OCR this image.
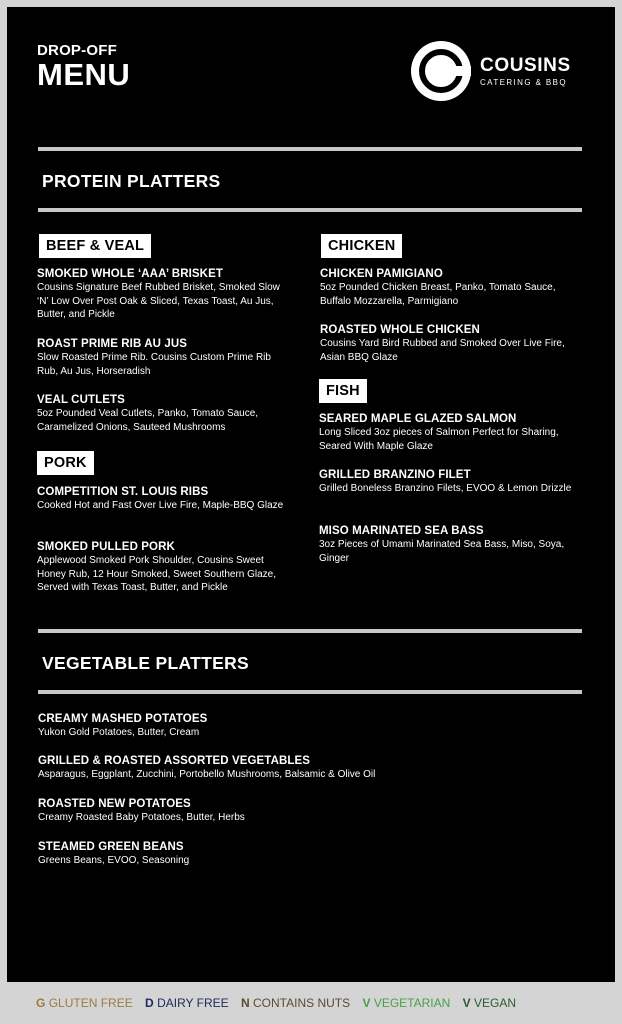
DROP-OFF
MENU	COUSINS
CATERING & BBQ
PROTEIN PLATTERS
BEEF & VEAL
SMOKED WHOLE ‘AAA’ BRISKET
Cousins Signature Beef Rubbed Brisket, Smoked Slow ‘N’ Low Over Post Oak & Sliced, Texas Toast, Au Jus, Butter, and Pickle
ROAST PRIME RIB AU JUS
Slow Roasted Prime Rib. Cousins Custom Prime Rib Rub, Au Jus, Horseradish
VEAL CUTLETS
5oz Pounded Veal Cutlets, Panko, Tomato Sauce, Caramelized Onions, Sauteed Mushrooms
PORK
COMPETITION ST. LOUIS RIBS
Cooked Hot and Fast Over Live Fire, Maple-BBQ Glaze
SMOKED PULLED PORK
Applewood Smoked Pork Shoulder, Cousins Sweet Honey Rub, 12 Hour Smoked, Sweet Southern Glaze, Served with Texas Toast, Butter, and Pickle
CHICKEN
CHICKEN PAMIGIANO
5oz Pounded Chicken Breast, Panko, Tomato Sauce, Buffalo Mozzarella, Parmigiano
ROASTED WHOLE CHICKEN
Cousins Yard Bird Rubbed and Smoked Over Live Fire, Asian BBQ Glaze
FISH
SEARED MAPLE GLAZED SALMON
Long Sliced 3oz pieces of Salmon Perfect for Sharing, Seared With Maple Glaze
GRILLED BRANZINO FILET
Grilled Boneless Branzino Filets, EVOO & Lemon Drizzle
MISO MARINATED SEA BASS
3oz Pieces of Umami Marinated Sea Bass, Miso, Soya, Ginger
VEGETABLE PLATTERS
CREAMY MASHED POTATOES
Yukon Gold Potatoes, Butter, Cream
GRILLED & ROASTED ASSORTED VEGETABLES
Asparagus, Eggplant, Zucchini, Portobello Mushrooms, Balsamic & Olive Oil
ROASTED NEW POTATOES
Creamy Roasted Baby Potatoes, Butter, Herbs
STEAMED GREEN BEANS
Greens Beans, EVOO, Seasoning
G GLUTEN FREE D DAIRY FREE N CONTAINS NUTS V VEGETARIAN V VEGAN
